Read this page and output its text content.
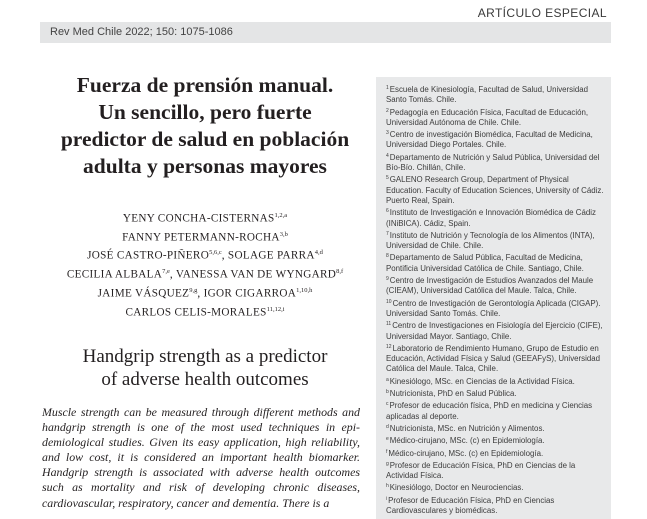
ARTÍCULO ESPECIAL
Rev Med Chile 2022; 150: 1075-1086
Fuerza de prensión manual.
Un sencillo, pero fuerte
predictor de salud en población
adulta y personas mayores
YENY CONCHA-CISTERNAS$^{1,2,a}$
FANNY PETERMANN-ROCHA$^{3,b}$
JOSÉ CASTRO-PIÑERO$^{5,6,c}$, SOLAGE PARRA$^{4,d}$
CECILIA ALBALA$^{7,e}$, VANESSA VAN DE WYNGARD$^{8,f}$
JAIME VÁSQUEZ$^{9,g}$, IGOR CIGARROA$^{1,10,h}$
CARLOS CELIS-MORALES$^{11,12,i}$
Handgrip strength as a predictor
of adverse health outcomes
Muscle strength can be measured through different methods and handgrip strength is one of the most used techniques in epi-demiological studies. Given its easy application, high reliability, and low cost, it is considered an important health biomarker. Handgrip strength is associated with adverse health outcomes such as mortality and risk of developing chronic diseases, cardiovascular, respiratory, cancer and dementia. There is a
$^1$Escuela de Kinesiología, Facultad de Salud, Universidad Santo Tomás. Chile.
$^2$Pedagogía en Educación Física, Facultad de Educación, Universidad Autónoma de Chile. Chile.
$^3$Centro de investigación Biomédica, Facultad de Medicina, Universidad Diego Portales. Chile.
$^4$Departamento de Nutrición y Salud Pública, Universidad del Bío-Bío. Chillán, Chile.
$^5$GALENO Research Group, Department of Physical Education. Faculty of Education Sciences, University of Cádiz. Puerto Real, Spain.
$^6$Instituto de Investigación e Innovación Biomédica de Cádiz (INiBICA). Cádiz, Spain.
$^7$Instituto de Nutrición y Tecnología de los Alimentos (INTA), Universidad de Chile. Chile.
$^8$Departamento de Salud Pública, Facultad de Medicina, Pontificia Universidad Católica de Chile. Santiago, Chile.
$^9$Centro de Investigación de Estudios Avanzados del Maule (CIEAM), Universidad Católica del Maule. Talca, Chile.
$^{10}$Centro de Investigación de Gerontología Aplicada (CIGAP). Universidad Santo Tomás. Chile.
$^{11}$Centro de Investigaciones en Fisiología del Ejercicio (CIFE), Universidad Mayor. Santiago, Chile.
$^{12}$Laboratorio de Rendimiento Humano, Grupo de Estudio en Educación, Actividad Física y Salud (GEEAFyS), Universidad Católica del Maule. Talca, Chile.
$^a$Kinesiólogo, MSc. en Ciencias de la Actividad Física.
$^b$Nutricionista, PhD en Salud Pública.
$^c$Profesor de educación física, PhD en medicina y Ciencias aplicadas al deporte.
$^d$Nutricionista, MSc. en Nutrición y Alimentos.
$^e$Médico-cirujano, MSc. (c) en Epidemiología.
$^f$Médico-cirujano, MSc. (c) en Epidemiología.
$^g$Profesor de Educación Física, PhD en Ciencias de la Actividad Física.
$^h$Kinesiólogo, Doctor en Neurociencias.
$^i$Profesor de Educación Física, PhD en Ciencias Cardiovasculares y biomédicas.
